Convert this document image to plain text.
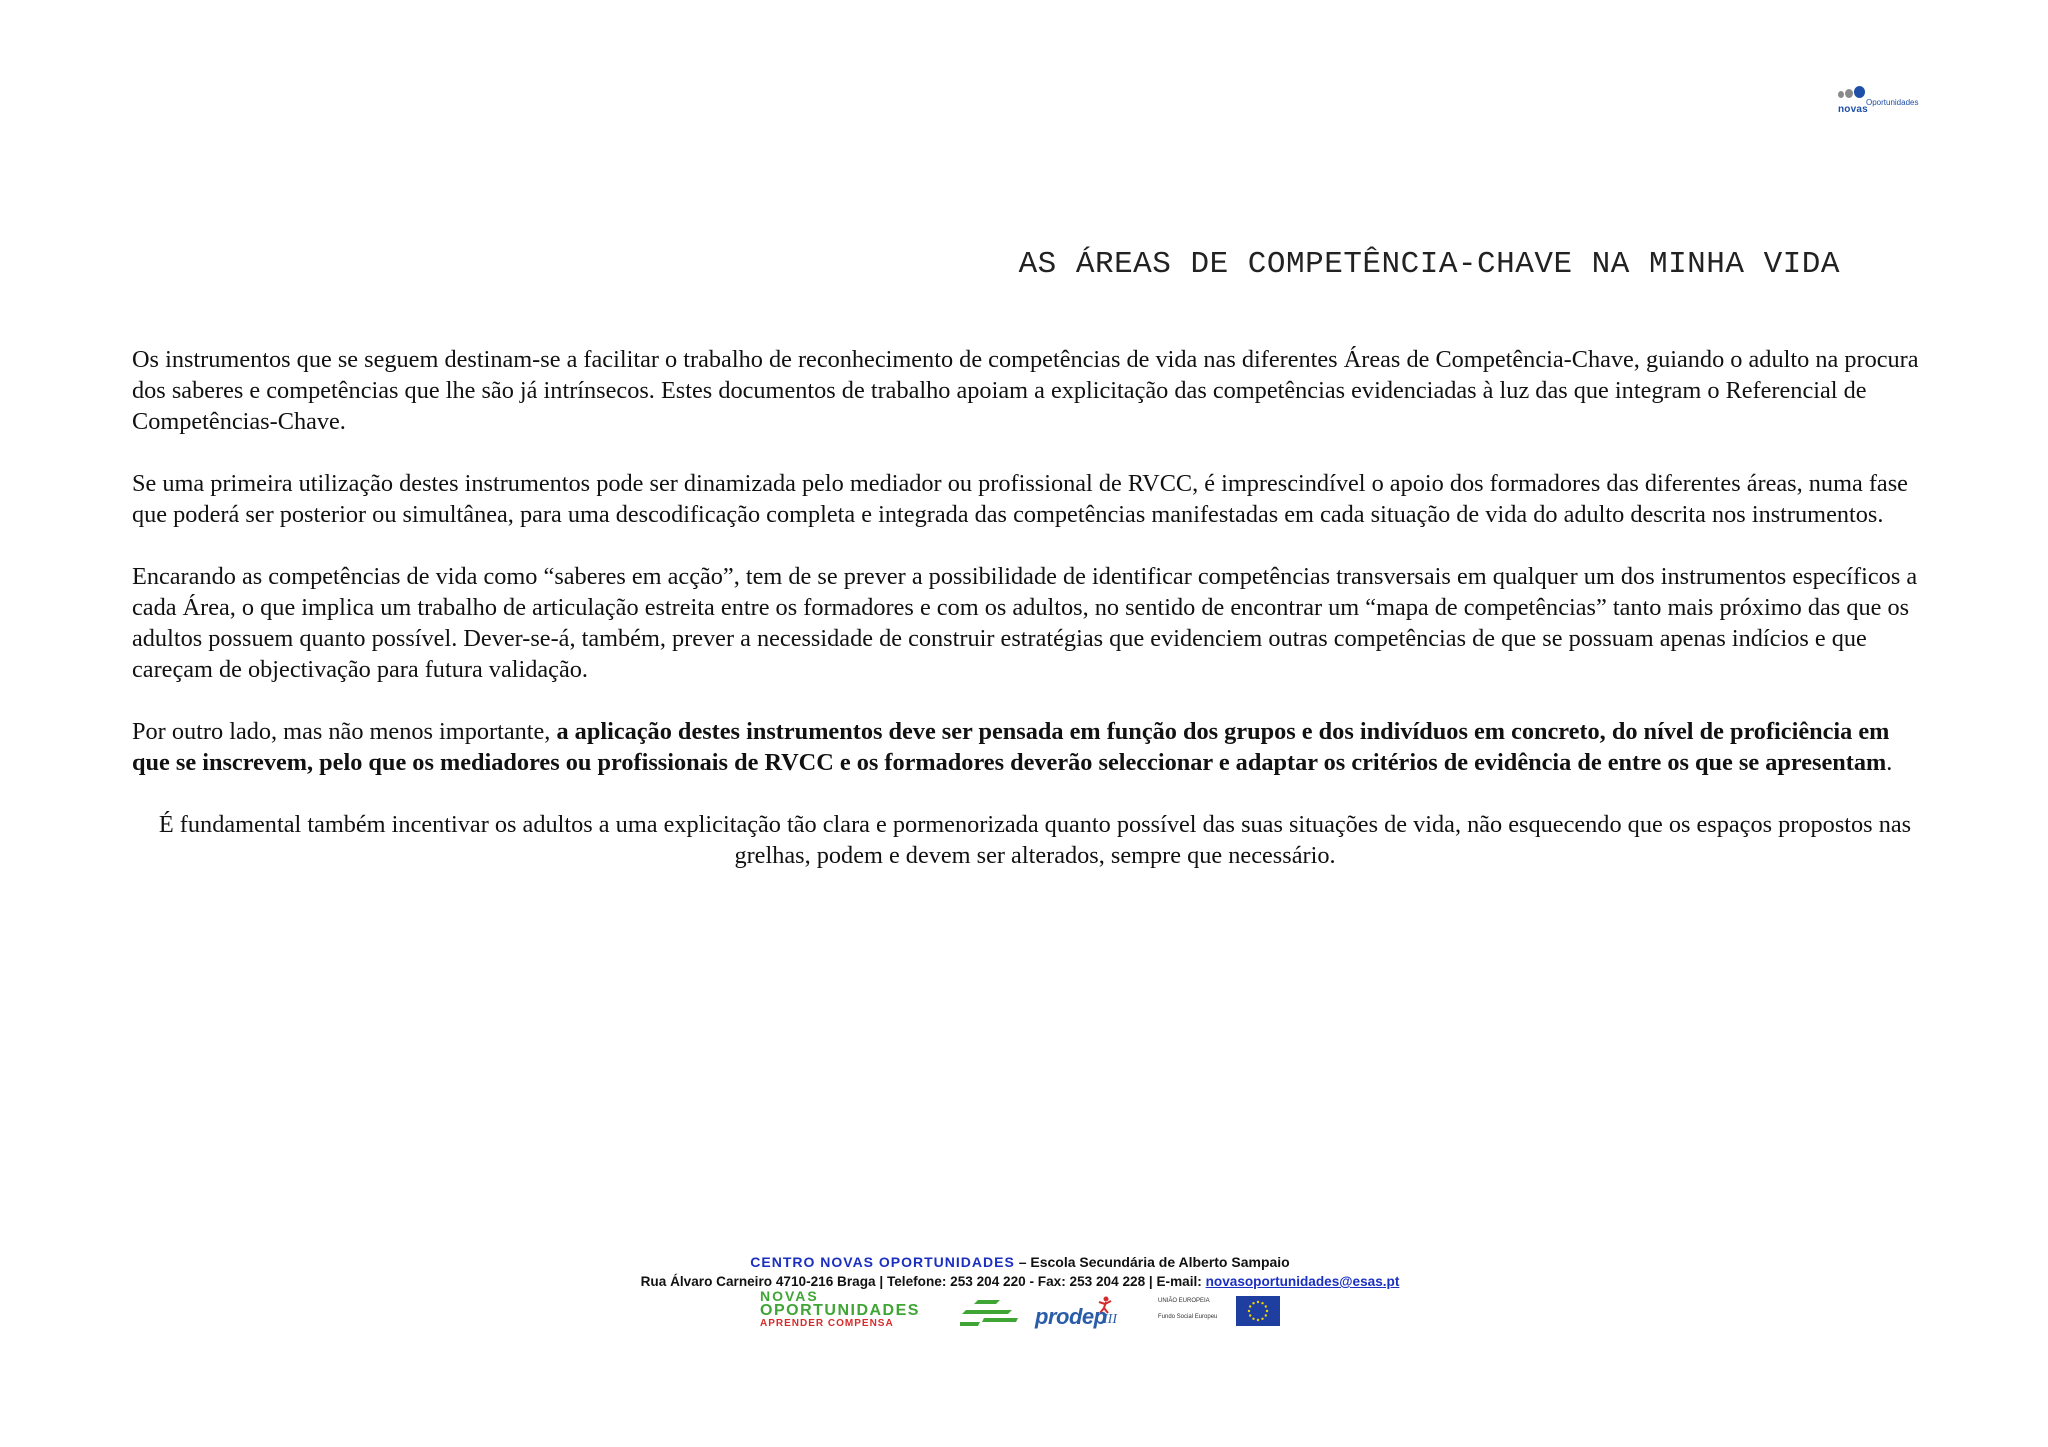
novas
Oportunidades
AS ÁREAS DE COMPETÊNCIA-CHAVE NA MINHA VIDA

Os instrumentos que se seguem destinam-se a facilitar o trabalho de reconhecimento de competências de vida nas diferentes Áreas de Competência-Chave, guiando o adulto na procura dos saberes e competências que lhe são já intrínsecos. Estes documentos de trabalho apoiam a explicitação das competências evidenciadas à luz das que integram o Referencial de Competências-Chave.

Se uma primeira utilização destes instrumentos pode ser dinamizada pelo mediador ou profissional de RVCC, é imprescindível o apoio dos formadores das diferentes áreas, numa fase que poderá ser posterior ou simultânea, para uma descodificação completa e integrada das competências manifestadas em cada situação de vida do adulto descrita nos instrumentos.

Encarando as competências de vida como “saberes em acção”, tem de se prever a possibilidade de identificar competências transversais em qualquer um dos instrumentos específicos a cada Área, o que implica um trabalho de articulação estreita entre os formadores e com os adultos, no sentido de encontrar um “mapa de competências” tanto mais próximo das que os adultos possuem quanto possível. Dever-se-á, também, prever a necessidade de construir estratégias que evidenciem outras competências de que se possuam apenas indícios e que careçam de objectivação para futura validação.

Por outro lado, mas não menos importante, a aplicação destes instrumentos deve ser pensada em função dos grupos e dos indivíduos em concreto, do nível de proficiência em que se inscrevem, pelo que os mediadores ou profissionais de RVCC e os formadores deverão seleccionar e adaptar os critérios de evidência de entre os que se apresentam.

É fundamental também incentivar os adultos a uma explicitação tão clara e pormenorizada quanto possível das suas situações de vida, não esquecendo que os espaços propostos nas grelhas, podem e devem ser alterados, sempre que necessário.

CENTRO NOVAS OPORTUNIDADES – Escola Secundária de Alberto Sampaio
Rua Álvaro Carneiro 4710-216 Braga | Telefone: 253 204 220 - Fax: 253 204 228 | E-mail: novasoportunidades@esas.pt
NOVAS
OPORTUNIDADES
APRENDER COMPENSA	prodep
III
UNIÃO EUROPEIA
Fundo Social Europeu
